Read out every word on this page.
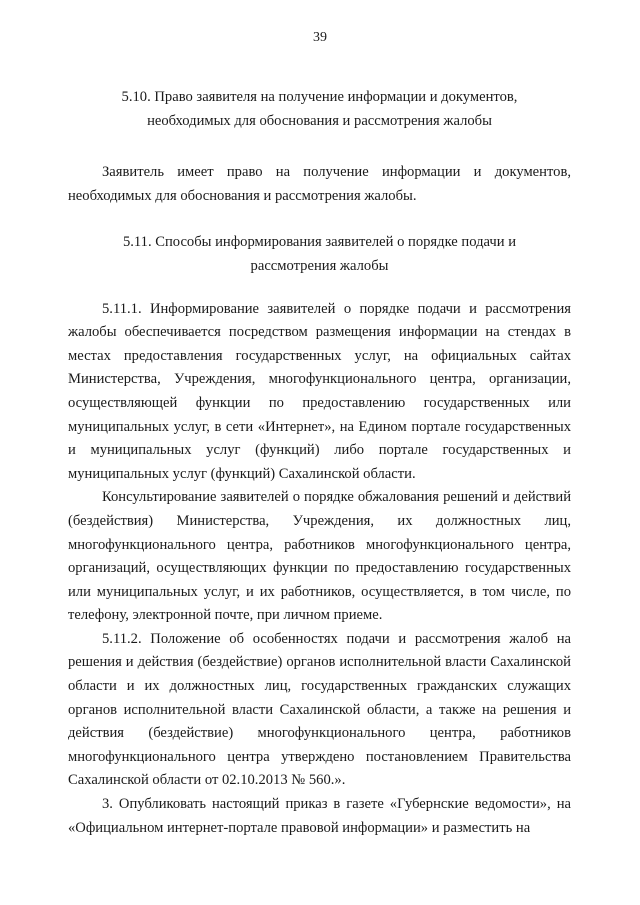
39

5.10. Право заявителя на получение информации и документов,
необходимых для обоснования и рассмотрения жалобы

Заявитель имеет право на получение информации и документов, необходимых для обоснования и рассмотрения жалобы.

5.11. Способы информирования заявителей о порядке подачи и
рассмотрения жалобы

5.11.1. Информирование заявителей о порядке подачи и рассмотрения жалобы обеспечивается посредством размещения информации на стендах в местах предоставления государственных услуг, на официальных сайтах Министерства, Учреждения, многофункционального центра, организации, осуществляющей функции по предоставлению государственных или муниципальных услуг, в сети «Интернет», на Едином портале государственных и муниципальных услуг (функций) либо портале государственных и муниципальных услуг (функций) Сахалинской области.

Консультирование заявителей о порядке обжалования решений и действий (бездействия) Министерства, Учреждения, их должностных лиц, многофункционального центра, работников многофункционального центра, организаций, осуществляющих функции по предоставлению государственных или муниципальных услуг, и их работников, осуществляется, в том числе, по телефону, электронной почте, при личном приеме.

5.11.2. Положение об особенностях подачи и рассмотрения жалоб на решения и действия (бездействие) органов исполнительной власти Сахалинской области и их должностных лиц, государственных гражданских служащих органов исполнительной власти Сахалинской области, а также на решения и действия (бездействие) многофункционального центра, работников многофункционального центра утверждено постановлением Правительства Сахалинской области от 02.10.2013 № 560.».

3. Опубликовать настоящий приказ в газете «Губернские ведомости», на «Официальном интернет-портале правовой информации» и разместить на
